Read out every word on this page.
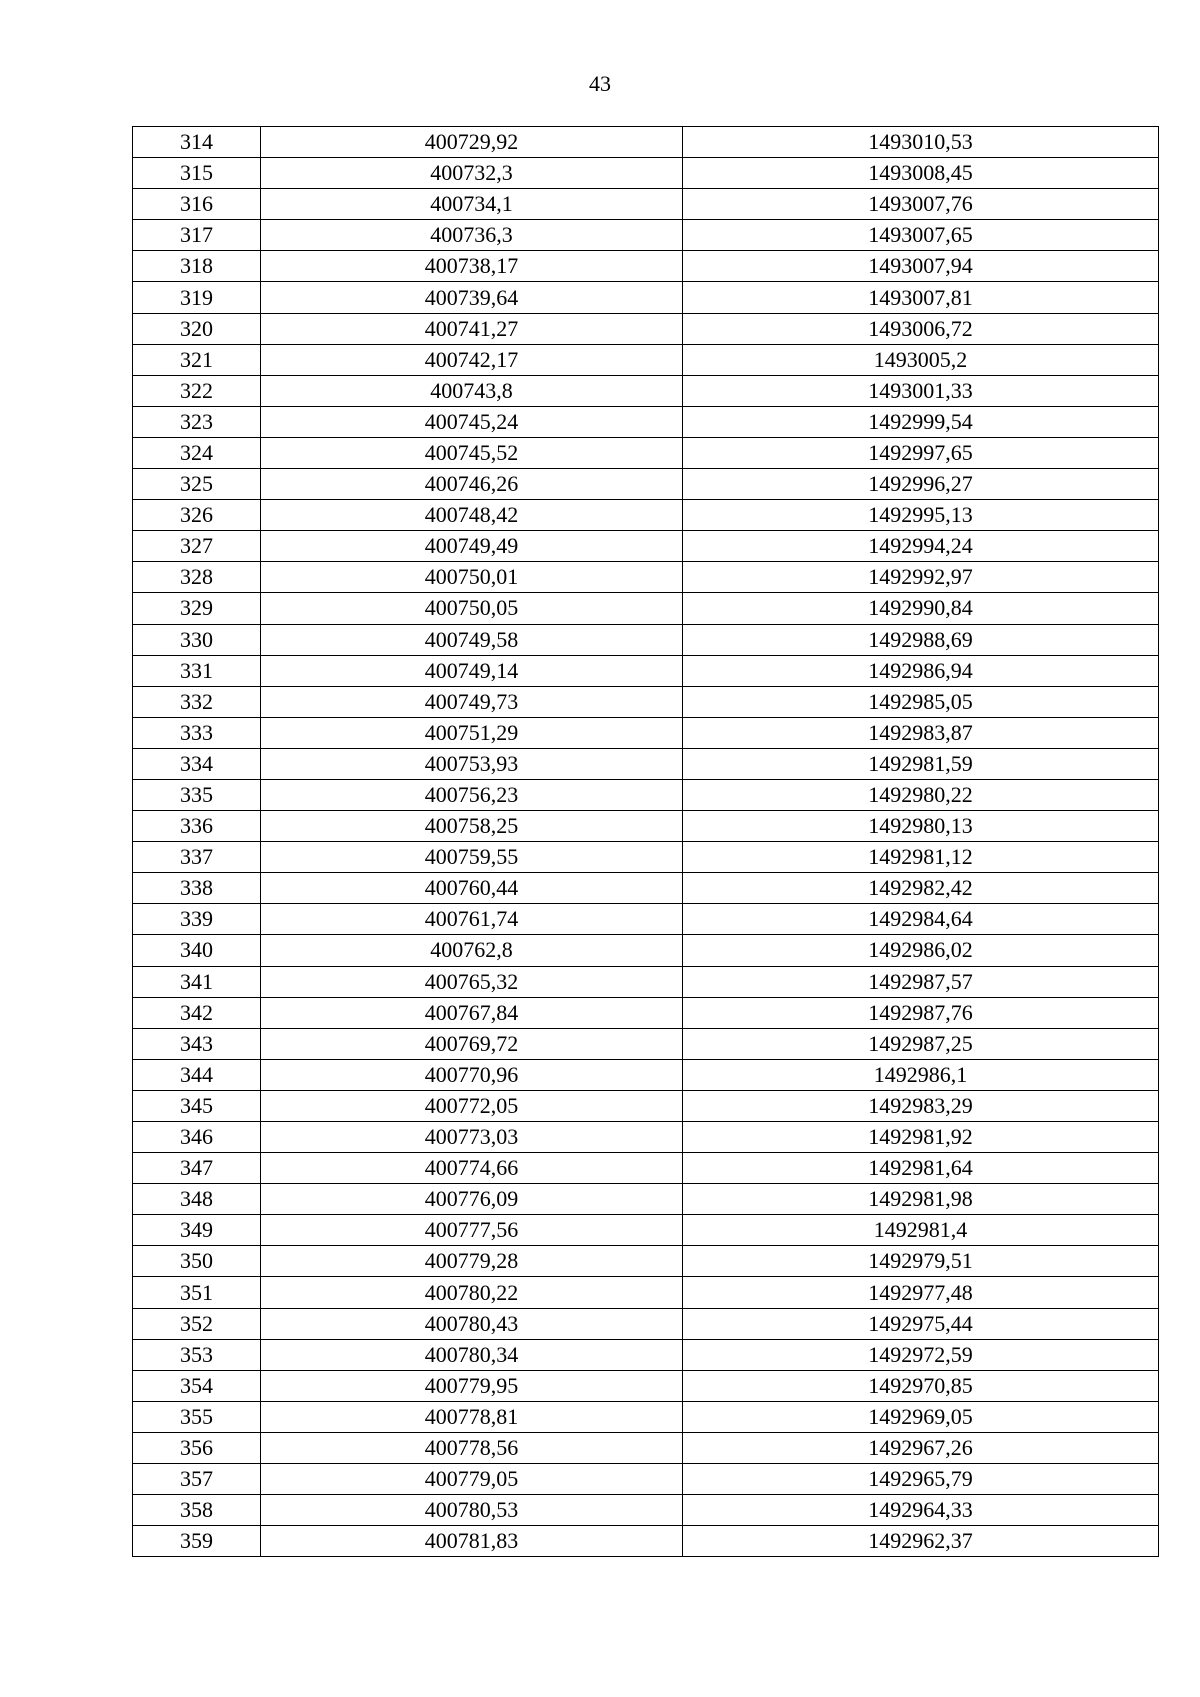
43
314	400729,92	1493010,53
315	400732,3	1493008,45
316	400734,1	1493007,76
317	400736,3	1493007,65
318	400738,17	1493007,94
319	400739,64	1493007,81
320	400741,27	1493006,72
321	400742,17	1493005,2
322	400743,8	1493001,33
323	400745,24	1492999,54
324	400745,52	1492997,65
325	400746,26	1492996,27
326	400748,42	1492995,13
327	400749,49	1492994,24
328	400750,01	1492992,97
329	400750,05	1492990,84
330	400749,58	1492988,69
331	400749,14	1492986,94
332	400749,73	1492985,05
333	400751,29	1492983,87
334	400753,93	1492981,59
335	400756,23	1492980,22
336	400758,25	1492980,13
337	400759,55	1492981,12
338	400760,44	1492982,42
339	400761,74	1492984,64
340	400762,8	1492986,02
341	400765,32	1492987,57
342	400767,84	1492987,76
343	400769,72	1492987,25
344	400770,96	1492986,1
345	400772,05	1492983,29
346	400773,03	1492981,92
347	400774,66	1492981,64
348	400776,09	1492981,98
349	400777,56	1492981,4
350	400779,28	1492979,51
351	400780,22	1492977,48
352	400780,43	1492975,44
353	400780,34	1492972,59
354	400779,95	1492970,85
355	400778,81	1492969,05
356	400778,56	1492967,26
357	400779,05	1492965,79
358	400780,53	1492964,33
359	400781,83	1492962,37
